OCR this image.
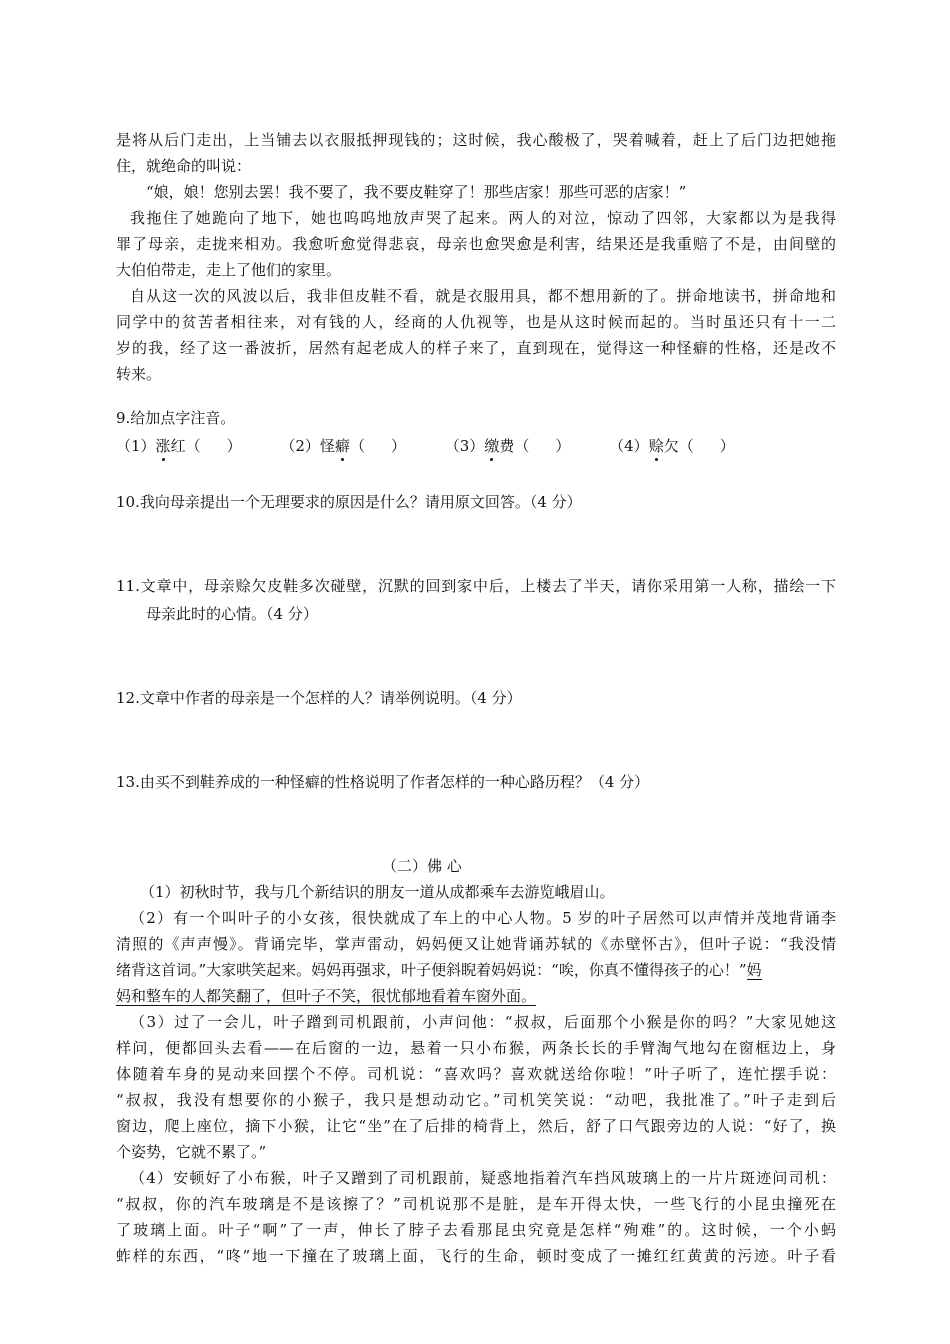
是将从后门走出，上当铺去以衣服抵押现钱的；这时候，我心酸极了，哭着喊着，赶上了后门边把她拖
住，就绝命的叫说：
“娘，娘！您别去罢！我不要了，我不要皮鞋穿了！那些店家！那些可恶的店家！”
我拖住了她跪向了地下，她也呜呜地放声哭了起来。两人的对泣，惊动了四邻，大家都以为是我得
罪了母亲，走拢来相劝。我愈听愈觉得悲哀，母亲也愈哭愈是利害，结果还是我重赔了不是，由间壁的
大伯伯带走，走上了他们的家里。
自从这一次的风波以后，我非但皮鞋不看，就是衣服用具，都不想用新的了。拼命地读书，拼命地和
同学中的贫苦者相往来，对有钱的人，经商的人仇视等，也是从这时候而起的。当时虽还只有十一二
岁的我，经了这一番波折，居然有起老成人的样子来了，直到现在，觉得这一种怪癖的性格，还是改不
转来。
9.给加点字注音。
（1）涨红（ ）	（2）怪癖（ ）	（3）缴费（ ）	（4）赊欠（ ）
10.我向母亲提出一个无理要求的原因是什么？请用原文回答。（4 分）
11.文章中，母亲赊欠皮鞋多次碰壁，沉默的回到家中后，上楼去了半天，请你采用第一人称，描绘一下
母亲此时的心情。（4 分）
12.文章中作者的母亲是一个怎样的人？请举例说明。（4 分）
13.由买不到鞋养成的一种怪癖的性格说明了作者怎样的一种心路历程？（4 分）
（二）佛 心
（1）初秋时节，我与几个新结识的朋友一道从成都乘车去游览峨眉山。
（2）有一个叫叶子的小女孩，很快就成了车上的中心人物。5 岁的叶子居然可以声情并茂地背诵李
清照的《声声慢》。背诵完毕，掌声雷动，妈妈便又让她背诵苏轼的《赤壁怀古》，但叶子说：“我没情
绪背这首词。”大家哄笑起来。妈妈再强求，叶子便斜睨着妈妈说：“唉，你真不懂得孩子的心！”妈
妈和整车的人都笑翻了，但叶子不笑，很忧郁地看着车窗外面。
（3）过了一会儿，叶子蹭到司机跟前，小声问他：“叔叔，后面那个小猴是你的吗？”大家见她这
样问，便都回头去看——在后窗的一边，悬着一只小布猴，两条长长的手臂淘气地勾在窗框边上，身
体随着车身的晃动来回摆个不停。司机说：“喜欢吗？喜欢就送给你啦！”叶子听了，连忙摆手说：
“叔叔，我没有想要你的小猴子，我只是想动动它。”司机笑笑说：“动吧，我批准了。”叶子走到后
窗边，爬上座位，摘下小猴，让它“坐”在了后排的椅背上，然后，舒了口气跟旁边的人说：“好了，换
个姿势，它就不累了。”
（4）安顿好了小布猴，叶子又蹭到了司机跟前，疑惑地指着汽车挡风玻璃上的一片片斑迹问司机：
“叔叔，你的汽车玻璃是不是该擦了？”司机说那不是脏，是车开得太快，一些飞行的小昆虫撞死在
了玻璃上面。叶子“啊”了一声，伸长了脖子去看那昆虫究竟是怎样“殉难”的。这时候，一个小蚂
蚱样的东西，“咚”地一下撞在了玻璃上面，飞行的生命，顿时变成了一摊红红黄黄的污迹。叶子看
